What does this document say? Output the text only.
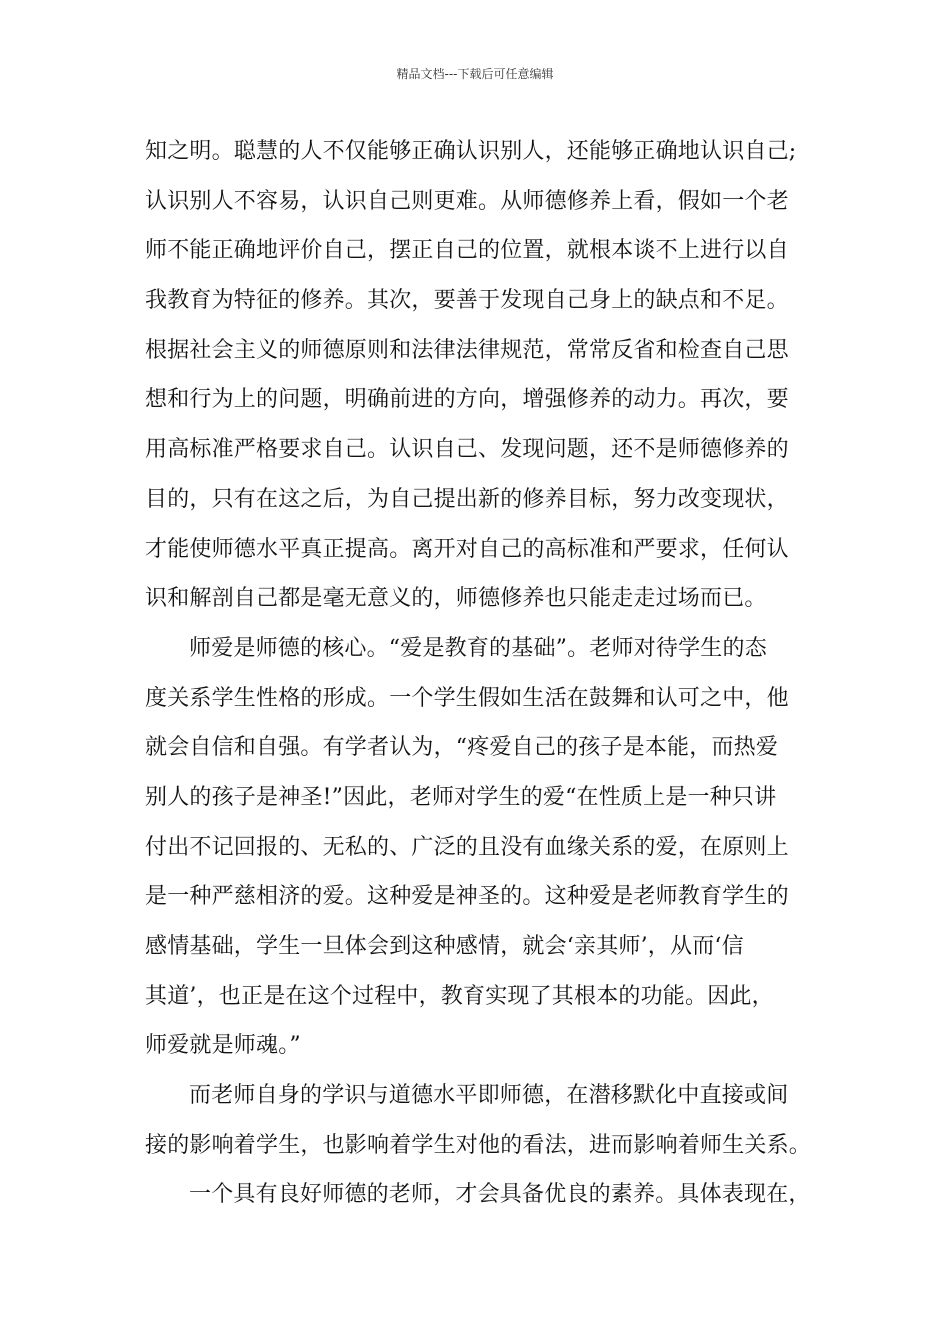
精品文档---下载后可任意编辑
知之明。聪慧的人不仅能够正确认识别人，还能够正确地认识自己;
认识别人不容易，认识自己则更难。从师德修养上看，假如一个老
师不能正确地评价自己，摆正自己的位置，就根本谈不上进行以自
我教育为特征的修养。其次，要善于发现自己身上的缺点和不足。
根据社会主义的师德原则和法律法律规范，常常反省和检查自己思
想和行为上的问题，明确前进的方向，增强修养的动力。再次，要
用高标准严格要求自己。认识自己、发现问题，还不是师德修养的
目的，只有在这之后，为自己提出新的修养目标，努力改变现状，
才能使师德水平真正提高。离开对自己的高标准和严要求，任何认
识和解剖自己都是毫无意义的，师德修养也只能走走过场而已。
师爱是师德的核心。“爱是教育的基础”。老师对待学生的态
度关系学生性格的形成。一个学生假如生活在鼓舞和认可之中，他
就会自信和自强。有学者认为，“疼爱自己的孩子是本能，而热爱
别人的孩子是神圣!”因此，老师对学生的爱“在性质上是一种只讲
付出不记回报的、无私的、广泛的且没有血缘关系的爱，在原则上
是一种严慈相济的爱。这种爱是神圣的。这种爱是老师教育学生的
感情基础，学生一旦体会到这种感情，就会‘亲其师’，从而‘信
其道’，也正是在这个过程中，教育实现了其根本的功能。因此，
师爱就是师魂。”
而老师自身的学识与道德水平即师德，在潜移默化中直接或间
接的影响着学生，也影响着学生对他的看法，进而影响着师生关系。
一个具有良好师德的老师，才会具备优良的素养。具体表现在，
